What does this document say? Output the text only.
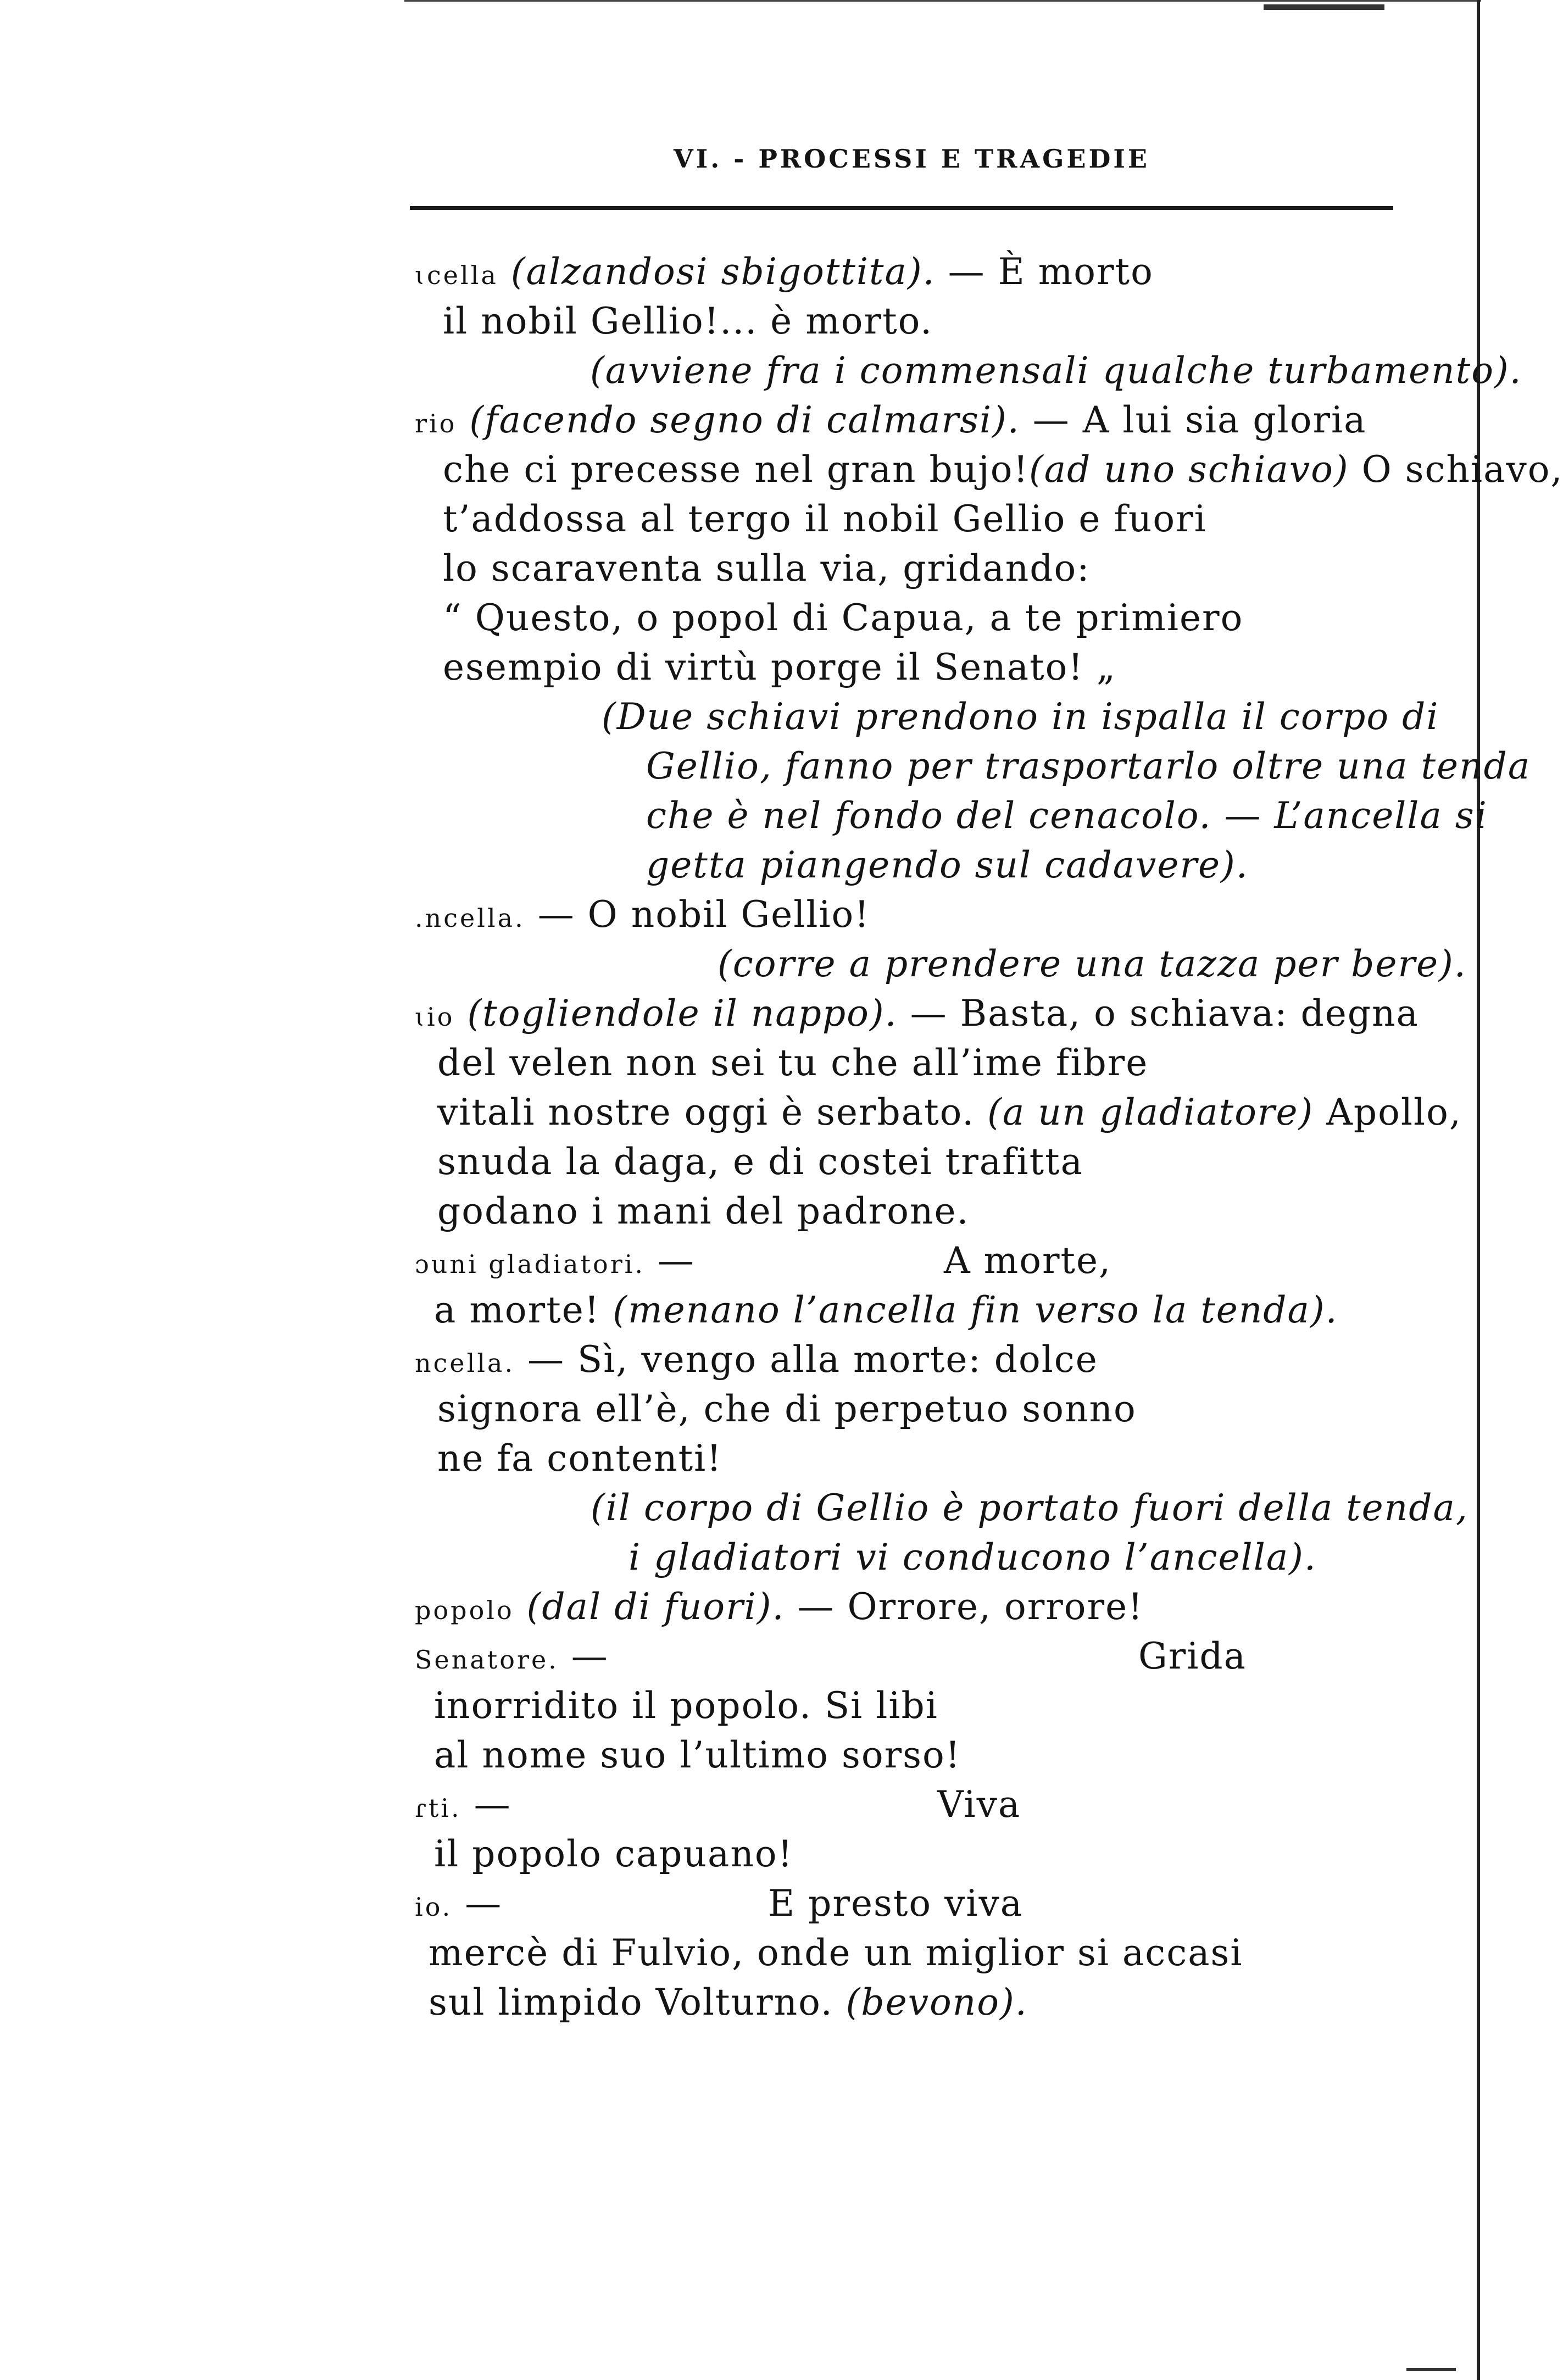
VI. - PROCESSI E TRAGEDIE
ɩcella (alzandosi sbigottita). — È morto
il nobil Gellio!... è morto.
(avviene fra i commensali qualche turbamento).
rio (facendo segno di calmarsi). — A lui sia gloria
che ci precesse nel gran bujo!(ad uno schiavo) O schiavo,
t’addossa al tergo il nobil Gellio e fuori
lo scaraventa sulla via, gridando:
“ Questo, o popol di Capua, a te primiero
esempio di virtù porge il Senato! „
(Due schiavi prendono in ispalla il corpo di
Gellio, fanno per trasportarlo oltre una tenda
che è nel fondo del cenacolo. — L’ancella si
getta piangendo sul cadavere).
.ncella. — O nobil Gellio!
(corre a prendere una tazza per bere).
ɩio (togliendole il nappo). — Basta, o schiava: degna
del velen non sei tu che all’ime fibre
vitali nostre oggi è serbato. (a un gladiatore) Apollo,
snuda la daga, e di costei trafitta
godano i mani del padrone.
ɔuni gladiatori. —	A morte,
a morte! (menano l’ancella fin verso la tenda).
ncella. — Sì, vengo alla morte: dolce
signora ell’è, che di perpetuo sonno
ne fa contenti!
(il corpo di Gellio è portato fuori della tenda,
i gladiatori vi conducono l’ancella).
popolo (dal di fuori). — Orrore, orrore!
Senatore. —	Grida
inorridito il popolo. Si libi
al nome suo l’ultimo sorso!
ɾti. —	Viva
il popolo capuano!
io. —	E presto viva
mercè di Fulvio, onde un miglior si accasi
sul limpido Volturno. (bevono).
